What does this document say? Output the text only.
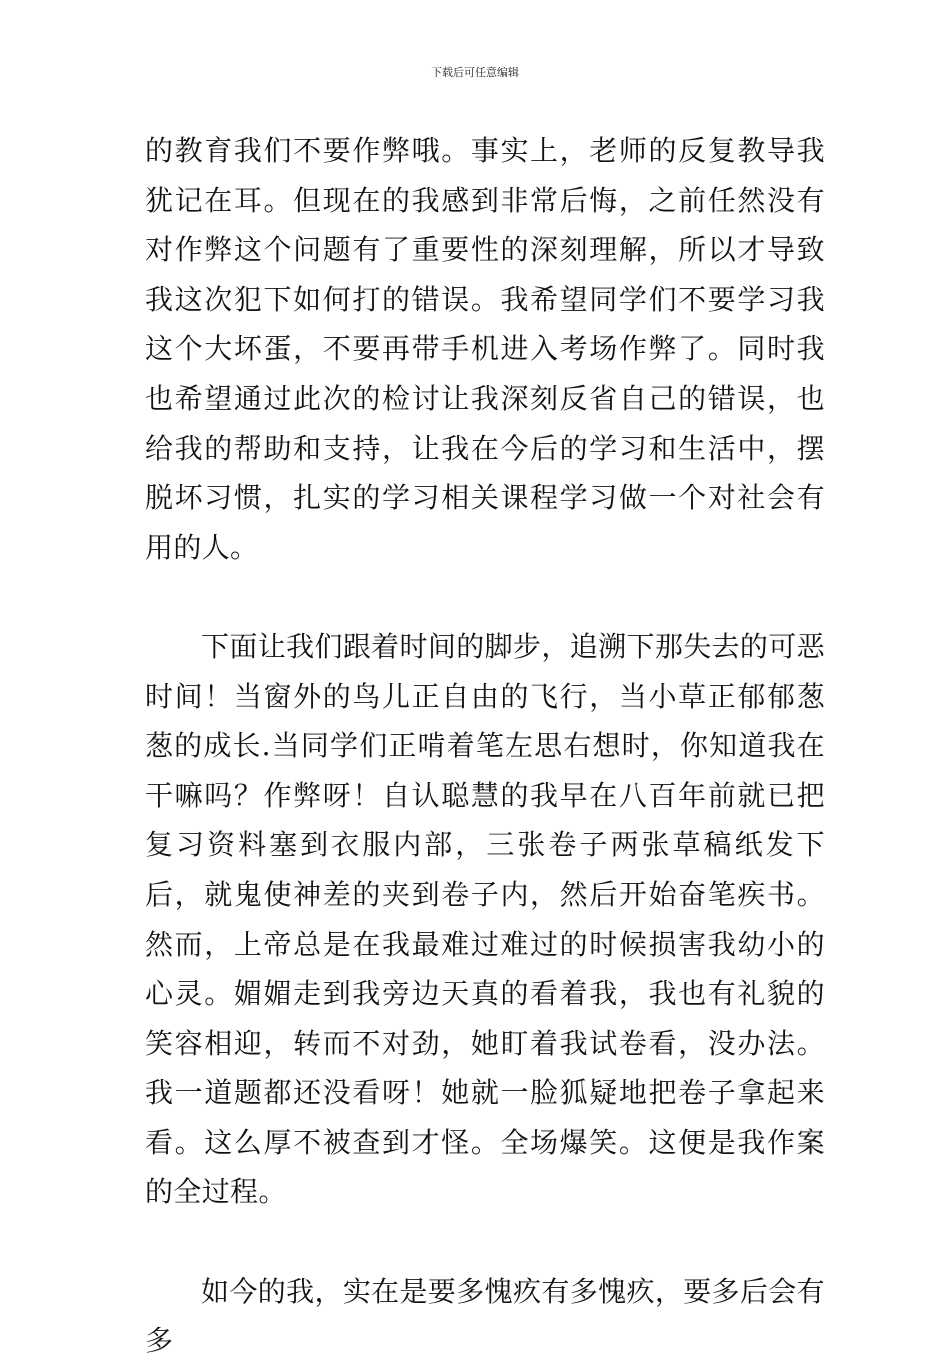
下载后可任意编辑

的教育我们不要作弊哦。事实上，老师的反复教导我犹记在耳。但现在的我感到非常后悔，之前任然没有对作弊这个问题有了重要性的深刻理解，所以才导致我这次犯下如何打的错误。我希望同学们不要学习我这个大坏蛋，不要再带手机进入考场作弊了。同时我也希望通过此次的检讨让我深刻反省自己的错误，也给我的帮助和支持，让我在今后的学习和生活中，摆脱坏习惯，扎实的学习相关课程学习做一个对社会有用的人。

下面让我们跟着时间的脚步，追溯下那失去的可恶时间！当窗外的鸟儿正自由的飞行，当小草正郁郁葱葱的成长.当同学们正啃着笔左思右想时，你知道我在干嘛吗？作弊呀！自认聪慧的我早在八百年前就已把复习资料塞到衣服内部，三张卷子两张草稿纸发下后，就鬼使神差的夹到卷子内，然后开始奋笔疾书。然而，上帝总是在我最难过难过的时候损害我幼小的心灵。媚媚走到我旁边天真的看着我，我也有礼貌的笑容相迎，转而不对劲，她盯着我试卷看，没办法。我一道题都还没看呀！她就一脸狐疑地把卷子拿起来看。这么厚不被查到才怪。全场爆笑。这便是我作案的全过程。

如今的我，实在是要多愧疚有多愧疚，要多后会有多
